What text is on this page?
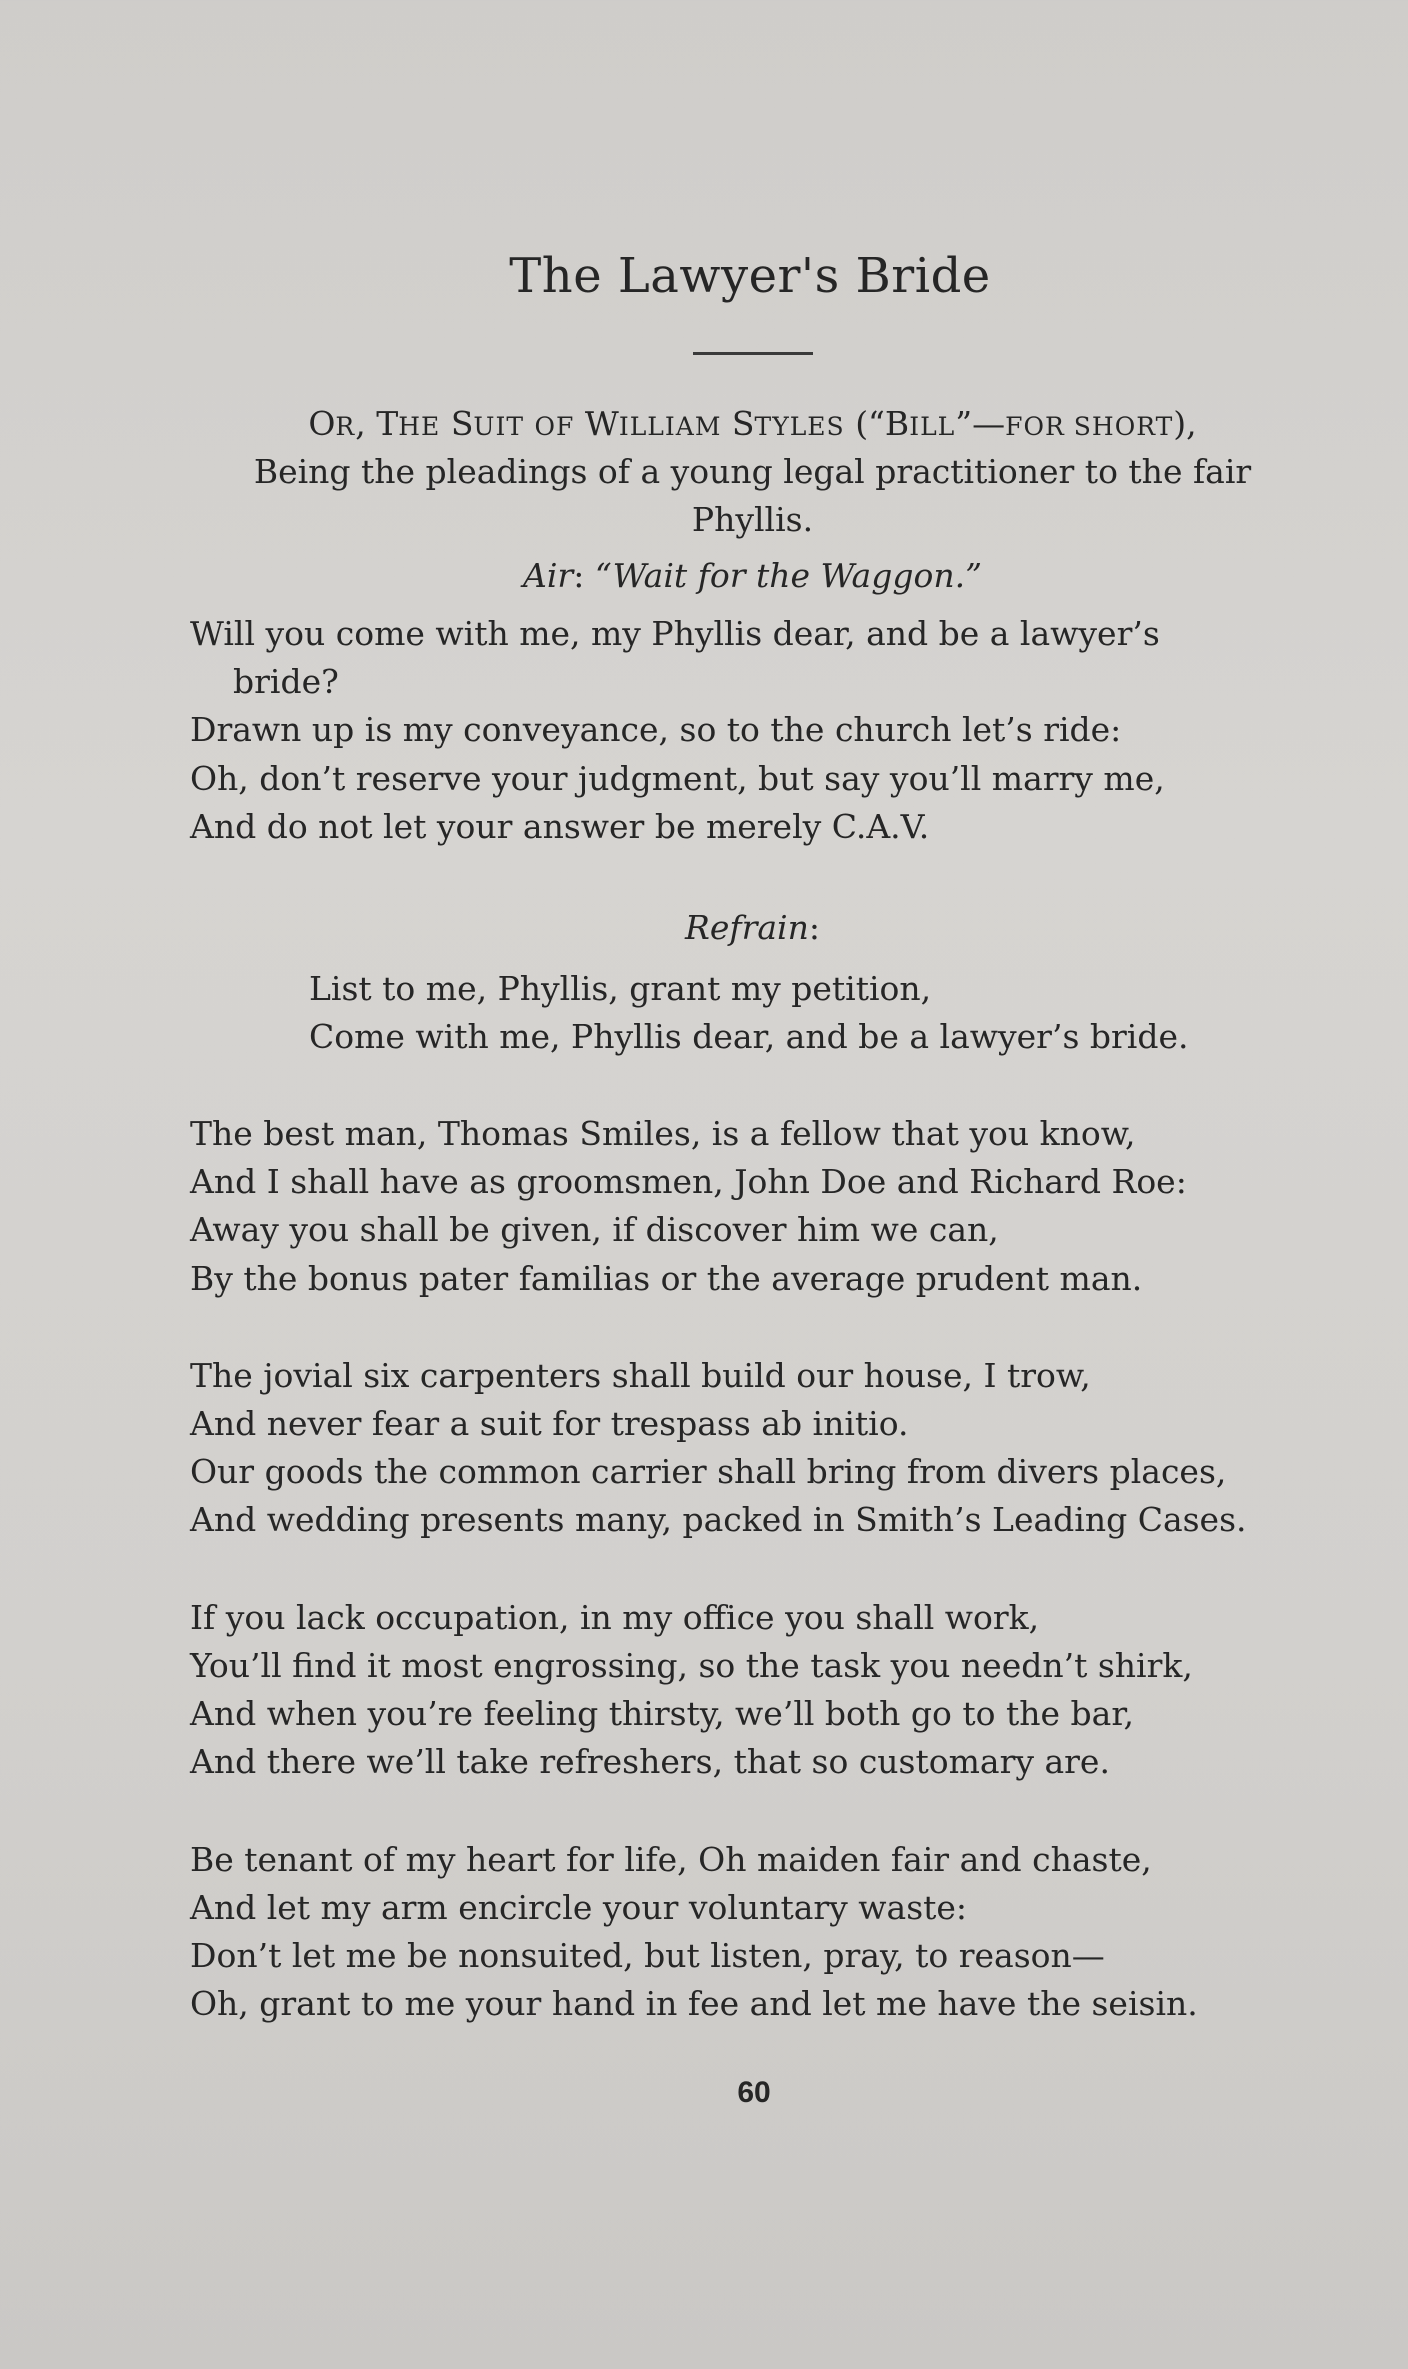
The Lawyer's Bride
OR, THE SUIT OF WILLIAM STYLES (“BILL”—FOR SHORT),
Being the pleadings of a young legal practitioner to the fair
Phyllis.
Air: “Wait for the Waggon.”
Will you come with me, my Phyllis dear, and be a lawyer’s
bride?
Drawn up is my conveyance, so to the church let’s ride:
Oh, don’t reserve your judgment, but say you’ll marry me,
And do not let your answer be merely C.A.V.
Refrain:
List to me, Phyllis, grant my petition,
Come with me, Phyllis dear, and be a lawyer’s bride.
The best man, Thomas Smiles, is a fellow that you know,
And I shall have as groomsmen, John Doe and Richard Roe:
Away you shall be given, if discover him we can,
By the bonus pater familias or the average prudent man.
The jovial six carpenters shall build our house, I trow,
And never fear a suit for trespass ab initio.
Our goods the common carrier shall bring from divers places,
And wedding presents many, packed in Smith’s Leading Cases.
If you lack occupation, in my office you shall work,
You’ll find it most engrossing, so the task you needn’t shirk,
And when you’re feeling thirsty, we’ll both go to the bar,
And there we’ll take refreshers, that so customary are.
Be tenant of my heart for life, Oh maiden fair and chaste,
And let my arm encircle your voluntary waste:
Don’t let me be nonsuited, but listen, pray, to reason—
Oh, grant to me your hand in fee and let me have the seisin.
60
